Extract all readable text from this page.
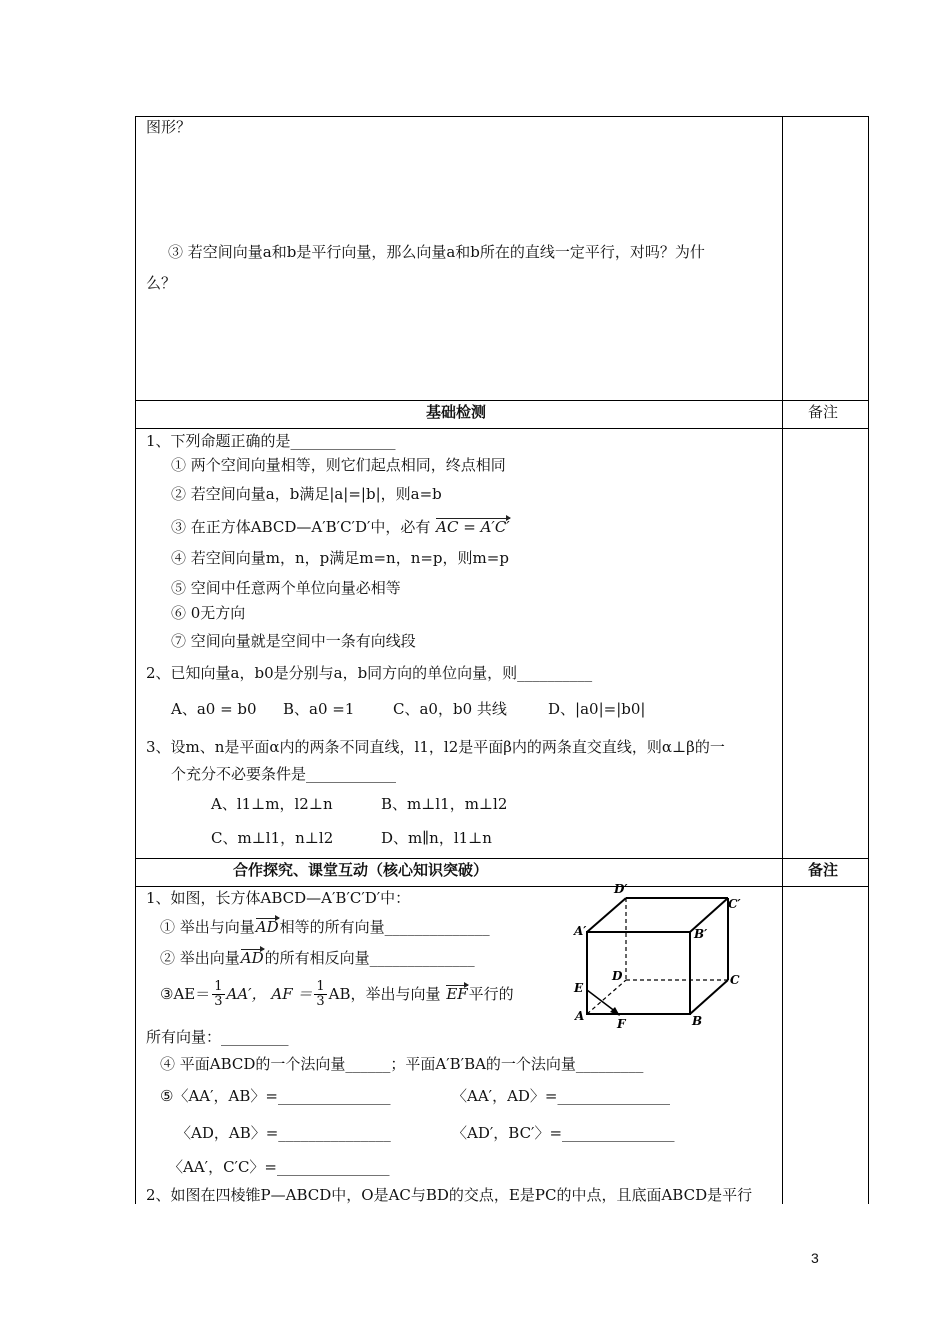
图形？
③ 若空间向量a和b是平行向量，那么向量a和b所在的直线一定平行，对吗？为什
么？
基础检测	备注
1、下列命题正确的是______________
① 两个空间向量相等，则它们起点相同，终点相同
② 若空间向量a，b满足|a|=|b|，则a=b
③ 在正方体ABCD—A′B′C′D′中，必有 AC = A′C′
④ 若空间向量m，n，p满足m=n，n=p，则m=p
⑤ 空间中任意两个单位向量必相等
⑥ 0无方向
⑦ 空间向量就是空间中一条有向线段
2、已知向量a，b0是分别与a，b同方向的单位向量，则__________
A、a0 = b0 B、a0 =1	C、a0，b0 共线	D、|a0|=|b0|
3、设m、n是平面α内的两条不同直线，l1，l2是平面β内的两条直交直线，则α⊥β的一
个充分不必要条件是____________
A、l1⊥m，l2⊥n	B、m⊥l1，m⊥l2
C、m⊥l1，n⊥l2	D、m∥n，l1⊥n
合作探究、课堂互动（核心知识突破）	备注
1、如图，长方体ABCD—A′B′C′D′中：
① 举出与向量AD相等的所有向量______________
② 举出向量AD的所有相反向量______________
③AE＝ $\frac{1}{3} AA'$， AF ＝ $\frac{1}{3}$ AB，举出与向量 EF平行的
所有向量：_________
④ 平面ABCD的一个法向量______；平面A′B′BA的一个法向量_________
⑤〈AA′，AB〉=_______________	〈AA′，AD〉=_______________
〈AD，AB〉=_______________	〈AD′，BC′〉=_______________
〈AA′，C′C〉=_______________
2、如图在四棱锥P—ABCD中，O是AC与BD的交点，E是PC的中点，且底面ABCD是平行
D′
C′
A′	B′
D	C
E
A
F	B
3
